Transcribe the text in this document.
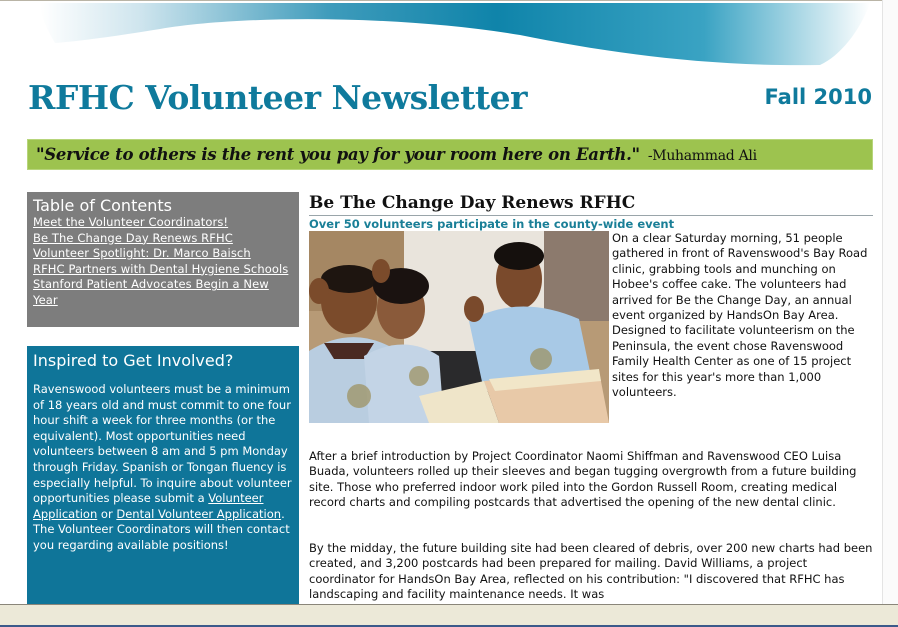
RFHC Volunteer Newsletter	Fall 2010
"Service to others is the rent you pay for your room here on Earth." -Muhammad Ali
Table of Contents
Meet the Volunteer Coordinators!
Be The Change Day Renews RFHC
Volunteer Spotlight: Dr. Marco Baisch
RFHC Partners with Dental Hygiene Schools
Stanford Patient Advocates Begin a New Year
Inspired to Get Involved?

Ravenswood volunteers must be a minimum of 18 years old and must commit to one four hour shift a week for three months (or the equivalent). Most opportunities need volunteers between 8 am and 5 pm Monday through Friday. Spanish or Tongan fluency is especially helpful. To inquire about volunteer opportunities please submit a Volunteer Application or Dental Volunteer Application. The Volunteer Coordinators will then contact you regarding available positions!

Be The Change Day Renews RFHC
Over 50 volunteers participate in the county-wide event
On a clear Saturday morning, 51 people gathered in front of Ravenswood's Bay Road clinic, grabbing tools and munching on Hobee's coffee cake. The volunteers had arrived for Be the Change Day, an annual event organized by HandsOn Bay Area. Designed to facilitate volunteerism on the Peninsula, the event chose Ravenswood Family Health Center as one of 15 project sites for this year's more than 1,000 volunteers.
After a brief introduction by Project Coordinator Naomi Shiffman and Ravenswood CEO Luisa Buada, volunteers rolled up their sleeves and began tugging overgrowth from a future building site. Those who preferred indoor work piled into the Gordon Russell Room, creating medical record charts and compiling postcards that advertised the opening of the new dental clinic.
By the midday, the future building site had been cleared of debris, over 200 new charts had been created, and 3,200 postcards had been prepared for mailing. David Williams, a project coordinator for HandsOn Bay Area, reflected on his contribution: "I discovered that RFHC has landscaping and facility maintenance needs. It was
